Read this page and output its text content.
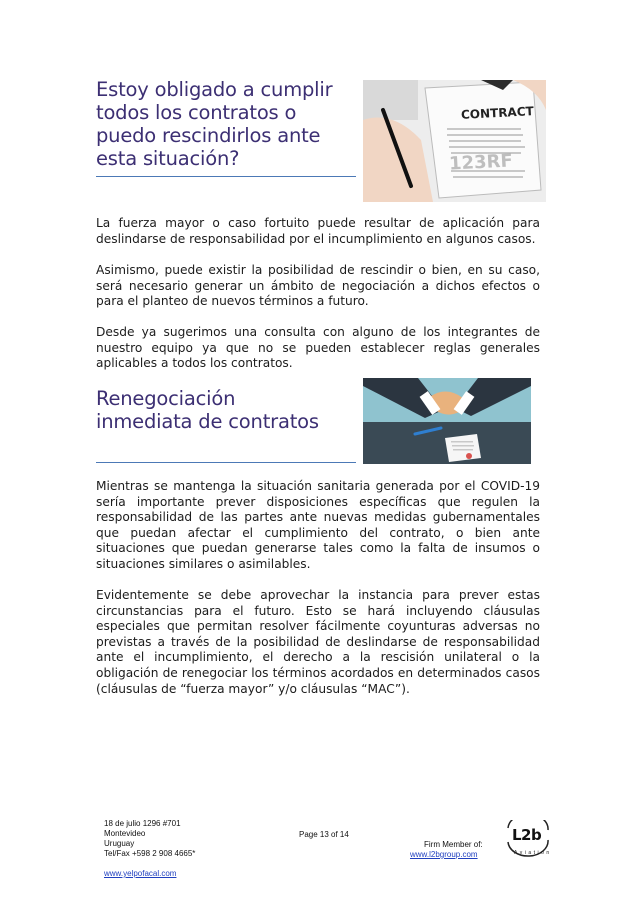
Estoy obligado a cumplir
todos los contratos o
puedo rescindirlos ante
esta situación?
CONTRACT
123RF

La fuerza mayor o caso fortuito puede resultar de aplicación para deslindarse de responsabilidad por el incumplimiento en algunos casos.

Asimismo, puede existir la posibilidad de rescindir o bien, en su caso, será necesario generar un ámbito de negociación a dichos efectos o para el planteo de nuevos términos a futuro.

Desde ya sugerimos una consulta con alguno de los integrantes de nuestro equipo ya que no se pueden establecer reglas generales aplicables a todos los contratos.

Renegociación
inmediata de contratos

Mientras se mantenga la situación sanitaria generada por el COVID-19 sería importante prever disposiciones específicas que regulen la responsabilidad de las partes ante nuevas medidas gubernamentales que puedan afectar el cumplimiento del contrato, o bien ante situaciones que puedan generarse tales como la falta de insumos o situaciones similares o asimilables.

Evidentemente se debe aprovechar la instancia para prever estas circunstancias para el futuro. Esto se hará incluyendo cláusulas especiales que permitan resolver fácilmente coyunturas adversas no previstas a través de la posibilidad de deslindarse de responsabilidad ante el incumplimiento, el derecho a la rescisión unilateral o la obligación de renegociar los términos acordados en determinados casos (cláusulas de “fuerza mayor” y/o cláusulas “MAC”).

18 de julio 1296 #701
Montevideo
Uruguay
Tel/Fax +598 2 908 4665*
www.yelpofacal.com
Page 13 of 14
Firm Member of:
www.l2bgroup.com
L2b
Aviation
